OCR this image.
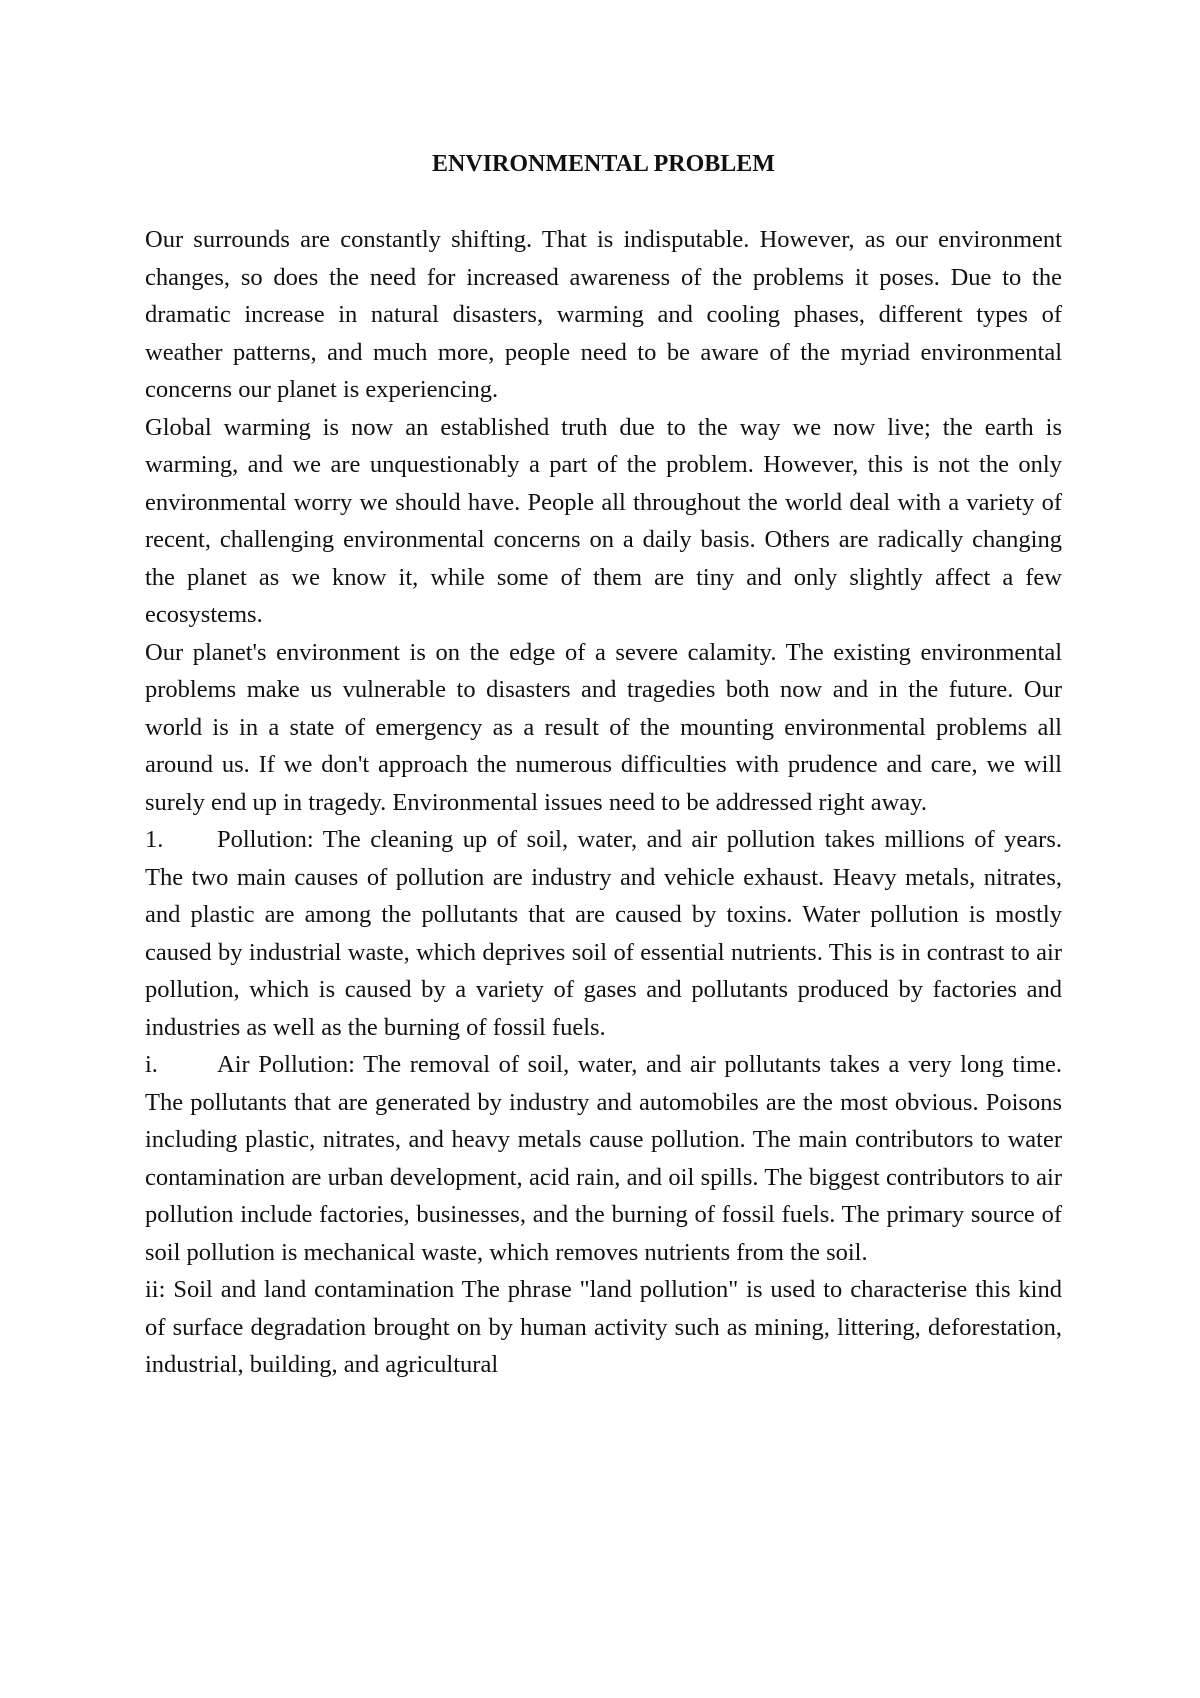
ENVIRONMENTAL PROBLEM

Our surrounds are constantly shifting. That is indisputable. However, as our environment changes, so does the need for increased awareness of the problems it poses. Due to the dramatic increase in natural disasters, warming and cooling phases, different types of weather patterns, and much more, people need to be aware of the myriad environmental concerns our planet is experiencing.

Global warming is now an established truth due to the way we now live; the earth is warming, and we are unquestionably a part of the problem. However, this is not the only environmental worry we should have. People all throughout the world deal with a variety of recent, challenging environmental concerns on a daily basis. Others are radically changing the planet as we know it, while some of them are tiny and only slightly affect a few ecosystems.

Our planet's environment is on the edge of a severe calamity. The existing environmental problems make us vulnerable to disasters and tragedies both now and in the future. Our world is in a state of emergency as a result of the mounting environmental problems all around us. If we don't approach the numerous difficulties with prudence and care, we will surely end up in tragedy. Environmental issues need to be addressed right away.

1. Pollution: The cleaning up of soil, water, and air pollution takes millions of years. The two main causes of pollution are industry and vehicle exhaust. Heavy metals, nitrates, and plastic are among the pollutants that are caused by toxins. Water pollution is mostly caused by industrial waste, which deprives soil of essential nutrients. This is in contrast to air pollution, which is caused by a variety of gases and pollutants produced by factories and industries as well as the burning of fossil fuels.

i. Air Pollution: The removal of soil, water, and air pollutants takes a very long time. The pollutants that are generated by industry and automobiles are the most obvious. Poisons including plastic, nitrates, and heavy metals cause pollution. The main contributors to water contamination are urban development, acid rain, and oil spills. The biggest contributors to air pollution include factories, businesses, and the burning of fossil fuels. The primary source of soil pollution is mechanical waste, which removes nutrients from the soil.

ii: Soil and land contamination The phrase "land pollution" is used to characterise this kind of surface degradation brought on by human activity such as mining, littering, deforestation, industrial, building, and agricultural
